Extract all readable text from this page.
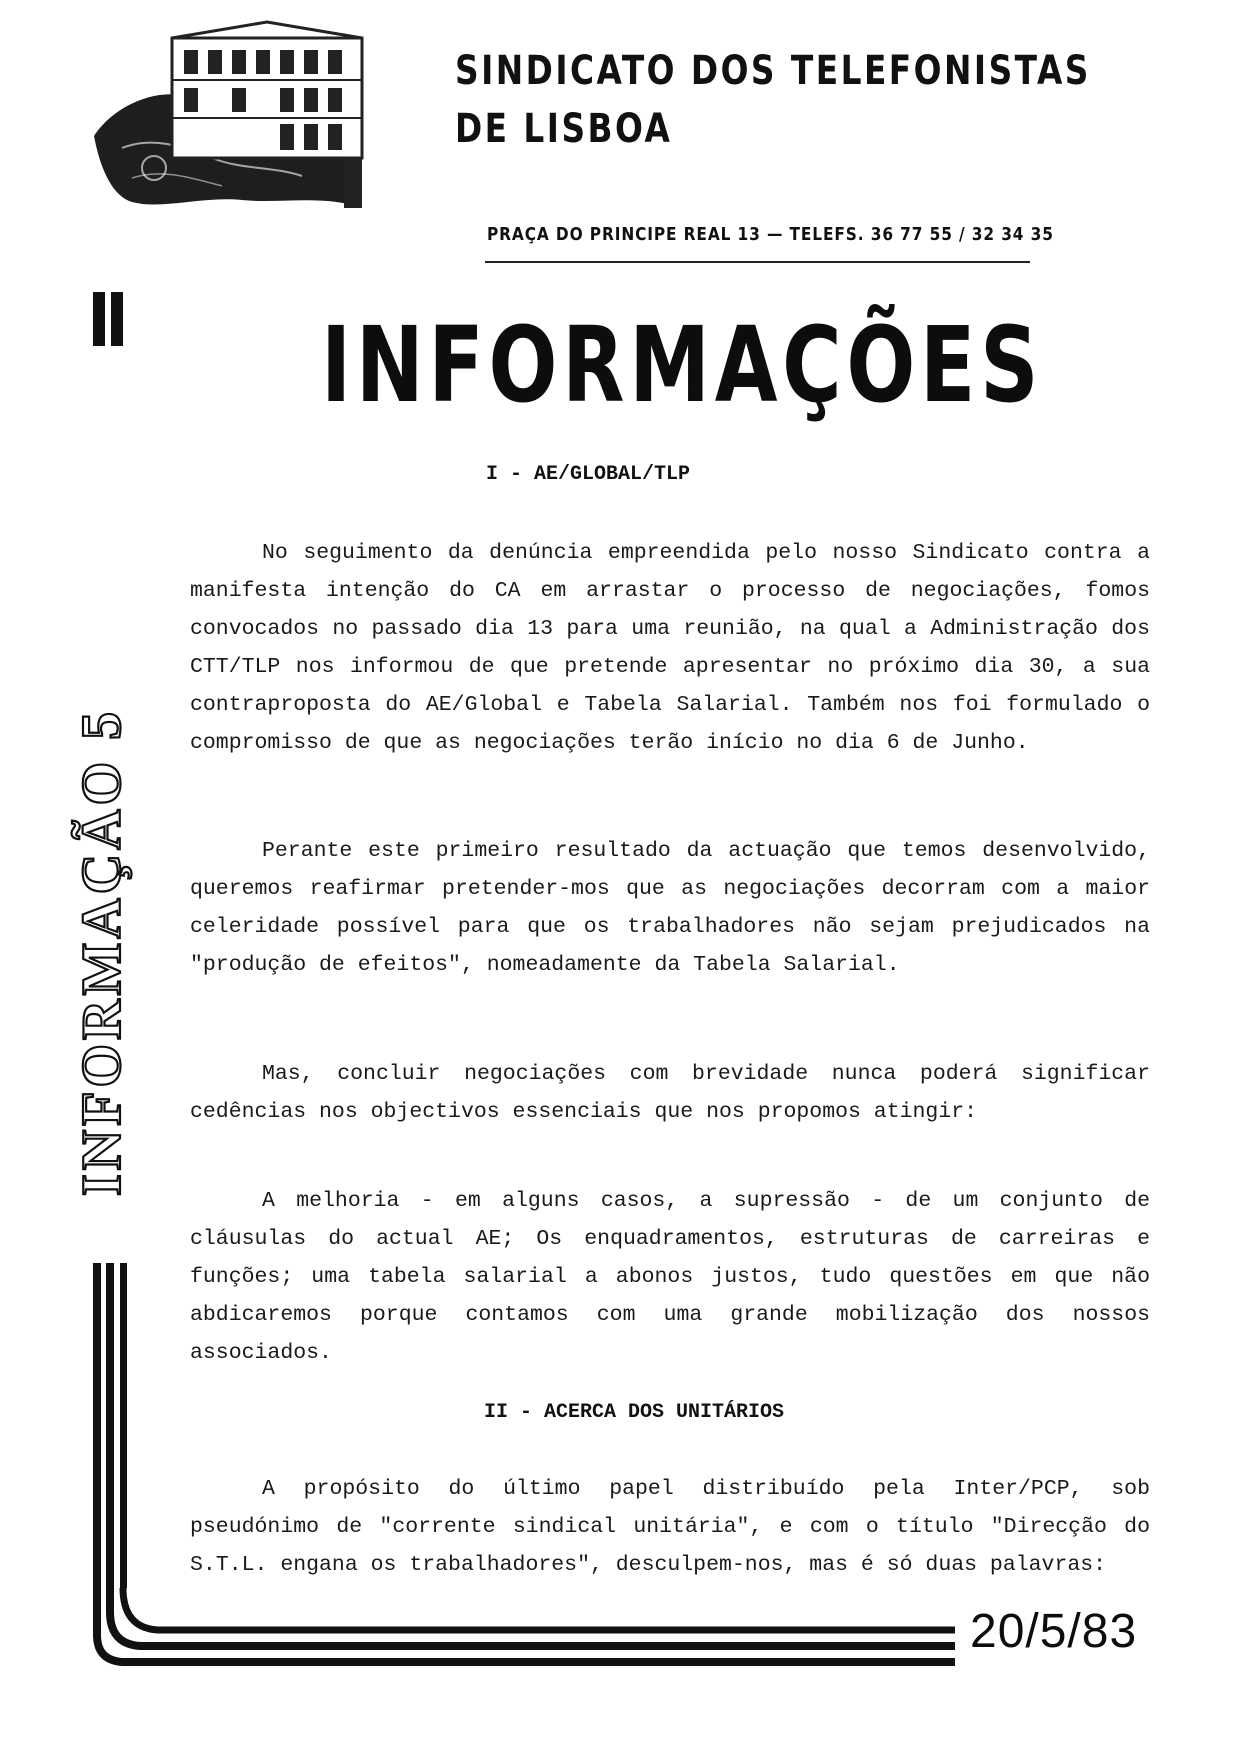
SINDICATO DOS TELEFONISTAS
DE LISBOA
PRAÇA DO PRINCIPE REAL 13 — TELEFS. 36 77 55 / 32 34 35
INFORMAÇÕES
INFORMAÇÃO 5
20/5/83
I - AE/GLOBAL/TLP

No seguimento da denúncia empreendida pelo nosso Sindicato contra a manifesta intenção do CA em arrastar o processo de negociações, fomos convocados no passado dia 13 para uma reunião, na qual a Administração dos CTT/TLP nos informou de que pretende apresentar no próximo dia 30, a sua contraproposta do AE/Global e Tabela Salarial. Também nos foi formulado o compromisso de que as negociações terão início no dia 6 de Junho.

Perante este primeiro resultado da actuação que temos desenvolvido, queremos reafirmar pretender-mos que as negociações decorram com a maior celeridade possível para que os trabalhadores não sejam prejudicados na "produção de efeitos", nomeadamente da Tabela Salarial.

Mas, concluir negociações com brevidade nunca poderá significar cedências nos objectivos essenciais que nos propomos atingir:

A melhoria - em alguns casos, a supressão - de um conjunto de cláusulas do actual AE; Os enquadramentos, estruturas de carreiras e funções; uma tabela salarial a abonos justos, tudo questões em que não abdicaremos porque contamos com uma grande mobilização dos nossos associados.

II - ACERCA DOS UNITÁRIOS

A propósito do último papel distribuído pela Inter/PCP, sob pseudónimo de "corrente sindical unitária", e com o título "Direcção do S.T.L. engana os trabalhadores", desculpem-nos, mas é só duas palavras:
